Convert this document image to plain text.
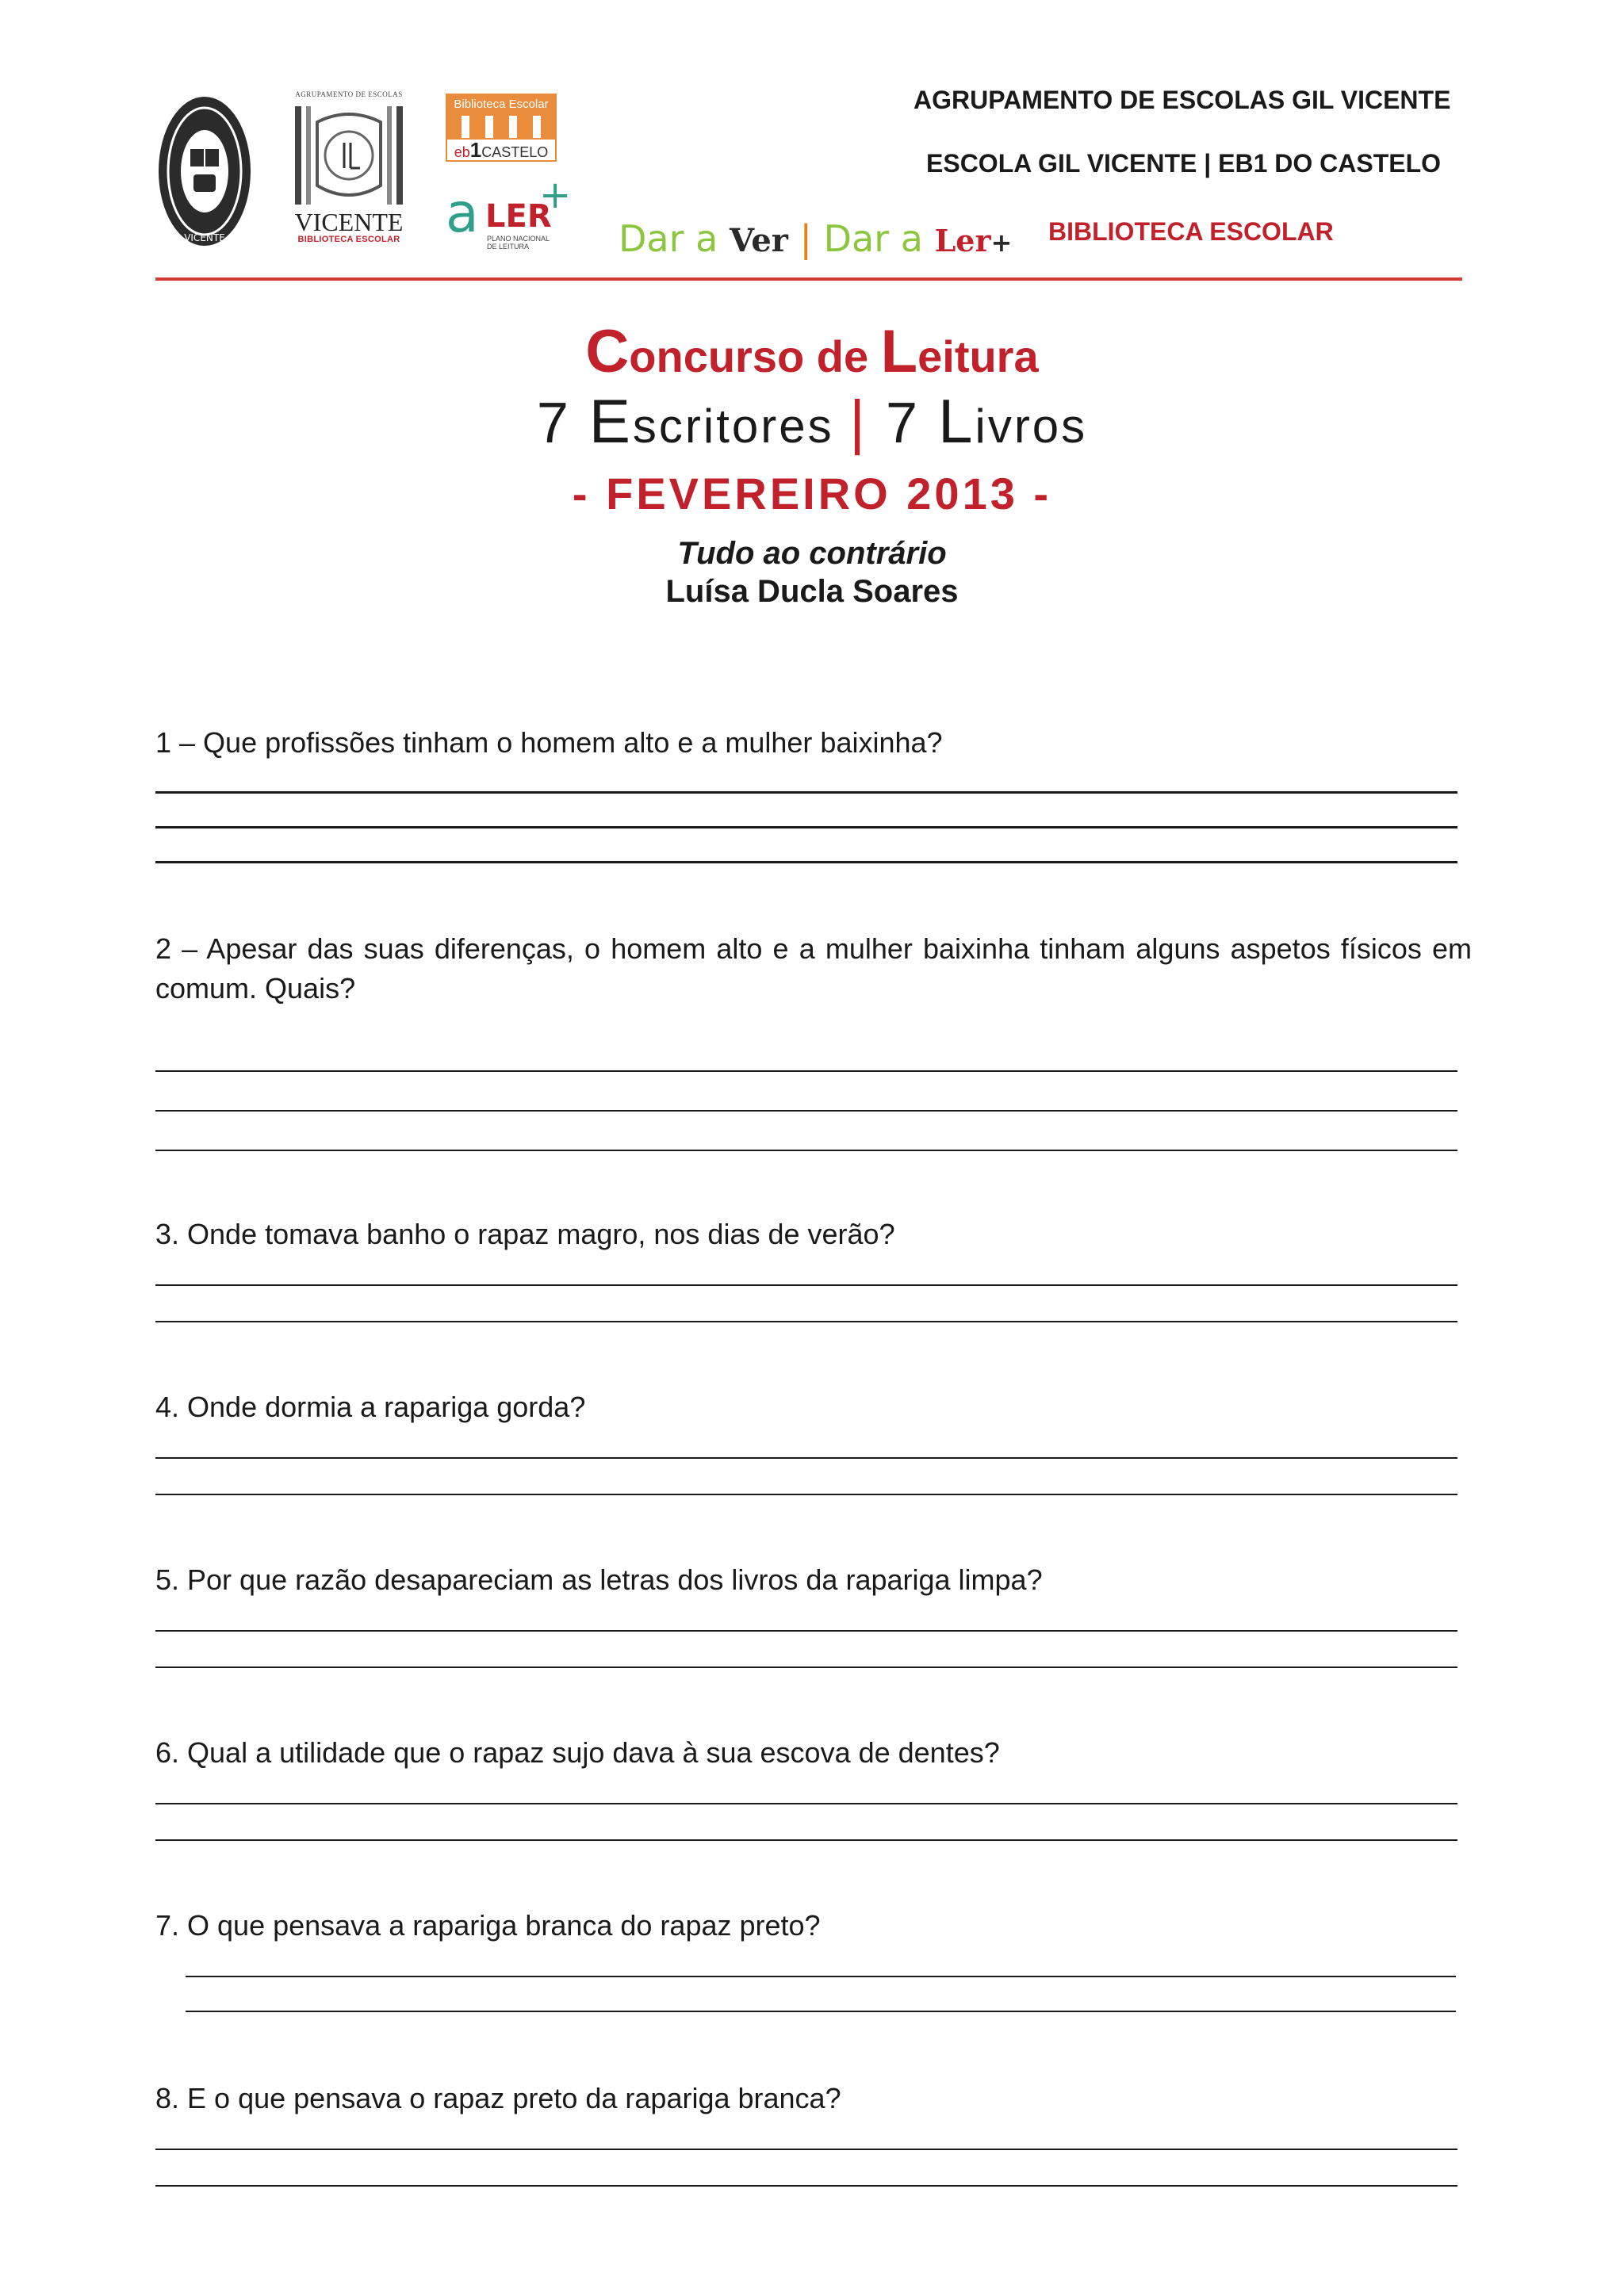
VICENTE
AGRUPAMENTO DE ESCOLAS
VICENTE
BIBLIOTECA ESCOLAR
Biblioteca Escolar
eb1CASTELO
a LER
+
PLANO NACIONAL
DE LEITURA	Dar a Ver | Dar a Ler+
AGRUPAMENTO DE ESCOLAS GIL VICENTE
ESCOLA GIL VICENTE | EB1 DO CASTELO
BIBLIOTECA ESCOLAR
Concurso de Leitura
7 Escritores | 7 Livros
- FEVEREIRO 2013 -
Tudo ao contrário
Luísa Ducla Soares
1 – Que profissões tinham o homem alto e a mulher baixinha?
2 – Apesar das suas diferenças, o homem alto e a mulher baixinha tinham alguns aspetos físicos em comum. Quais?
3. Onde tomava banho o rapaz magro, nos dias de verão?
4. Onde dormia a rapariga gorda?
5. Por que razão desapareciam as letras dos livros da rapariga limpa?
6. Qual a utilidade que o rapaz sujo dava à sua escova de dentes?
7. O que pensava a rapariga branca do rapaz preto?
8. E o que pensava o rapaz preto da rapariga branca?
